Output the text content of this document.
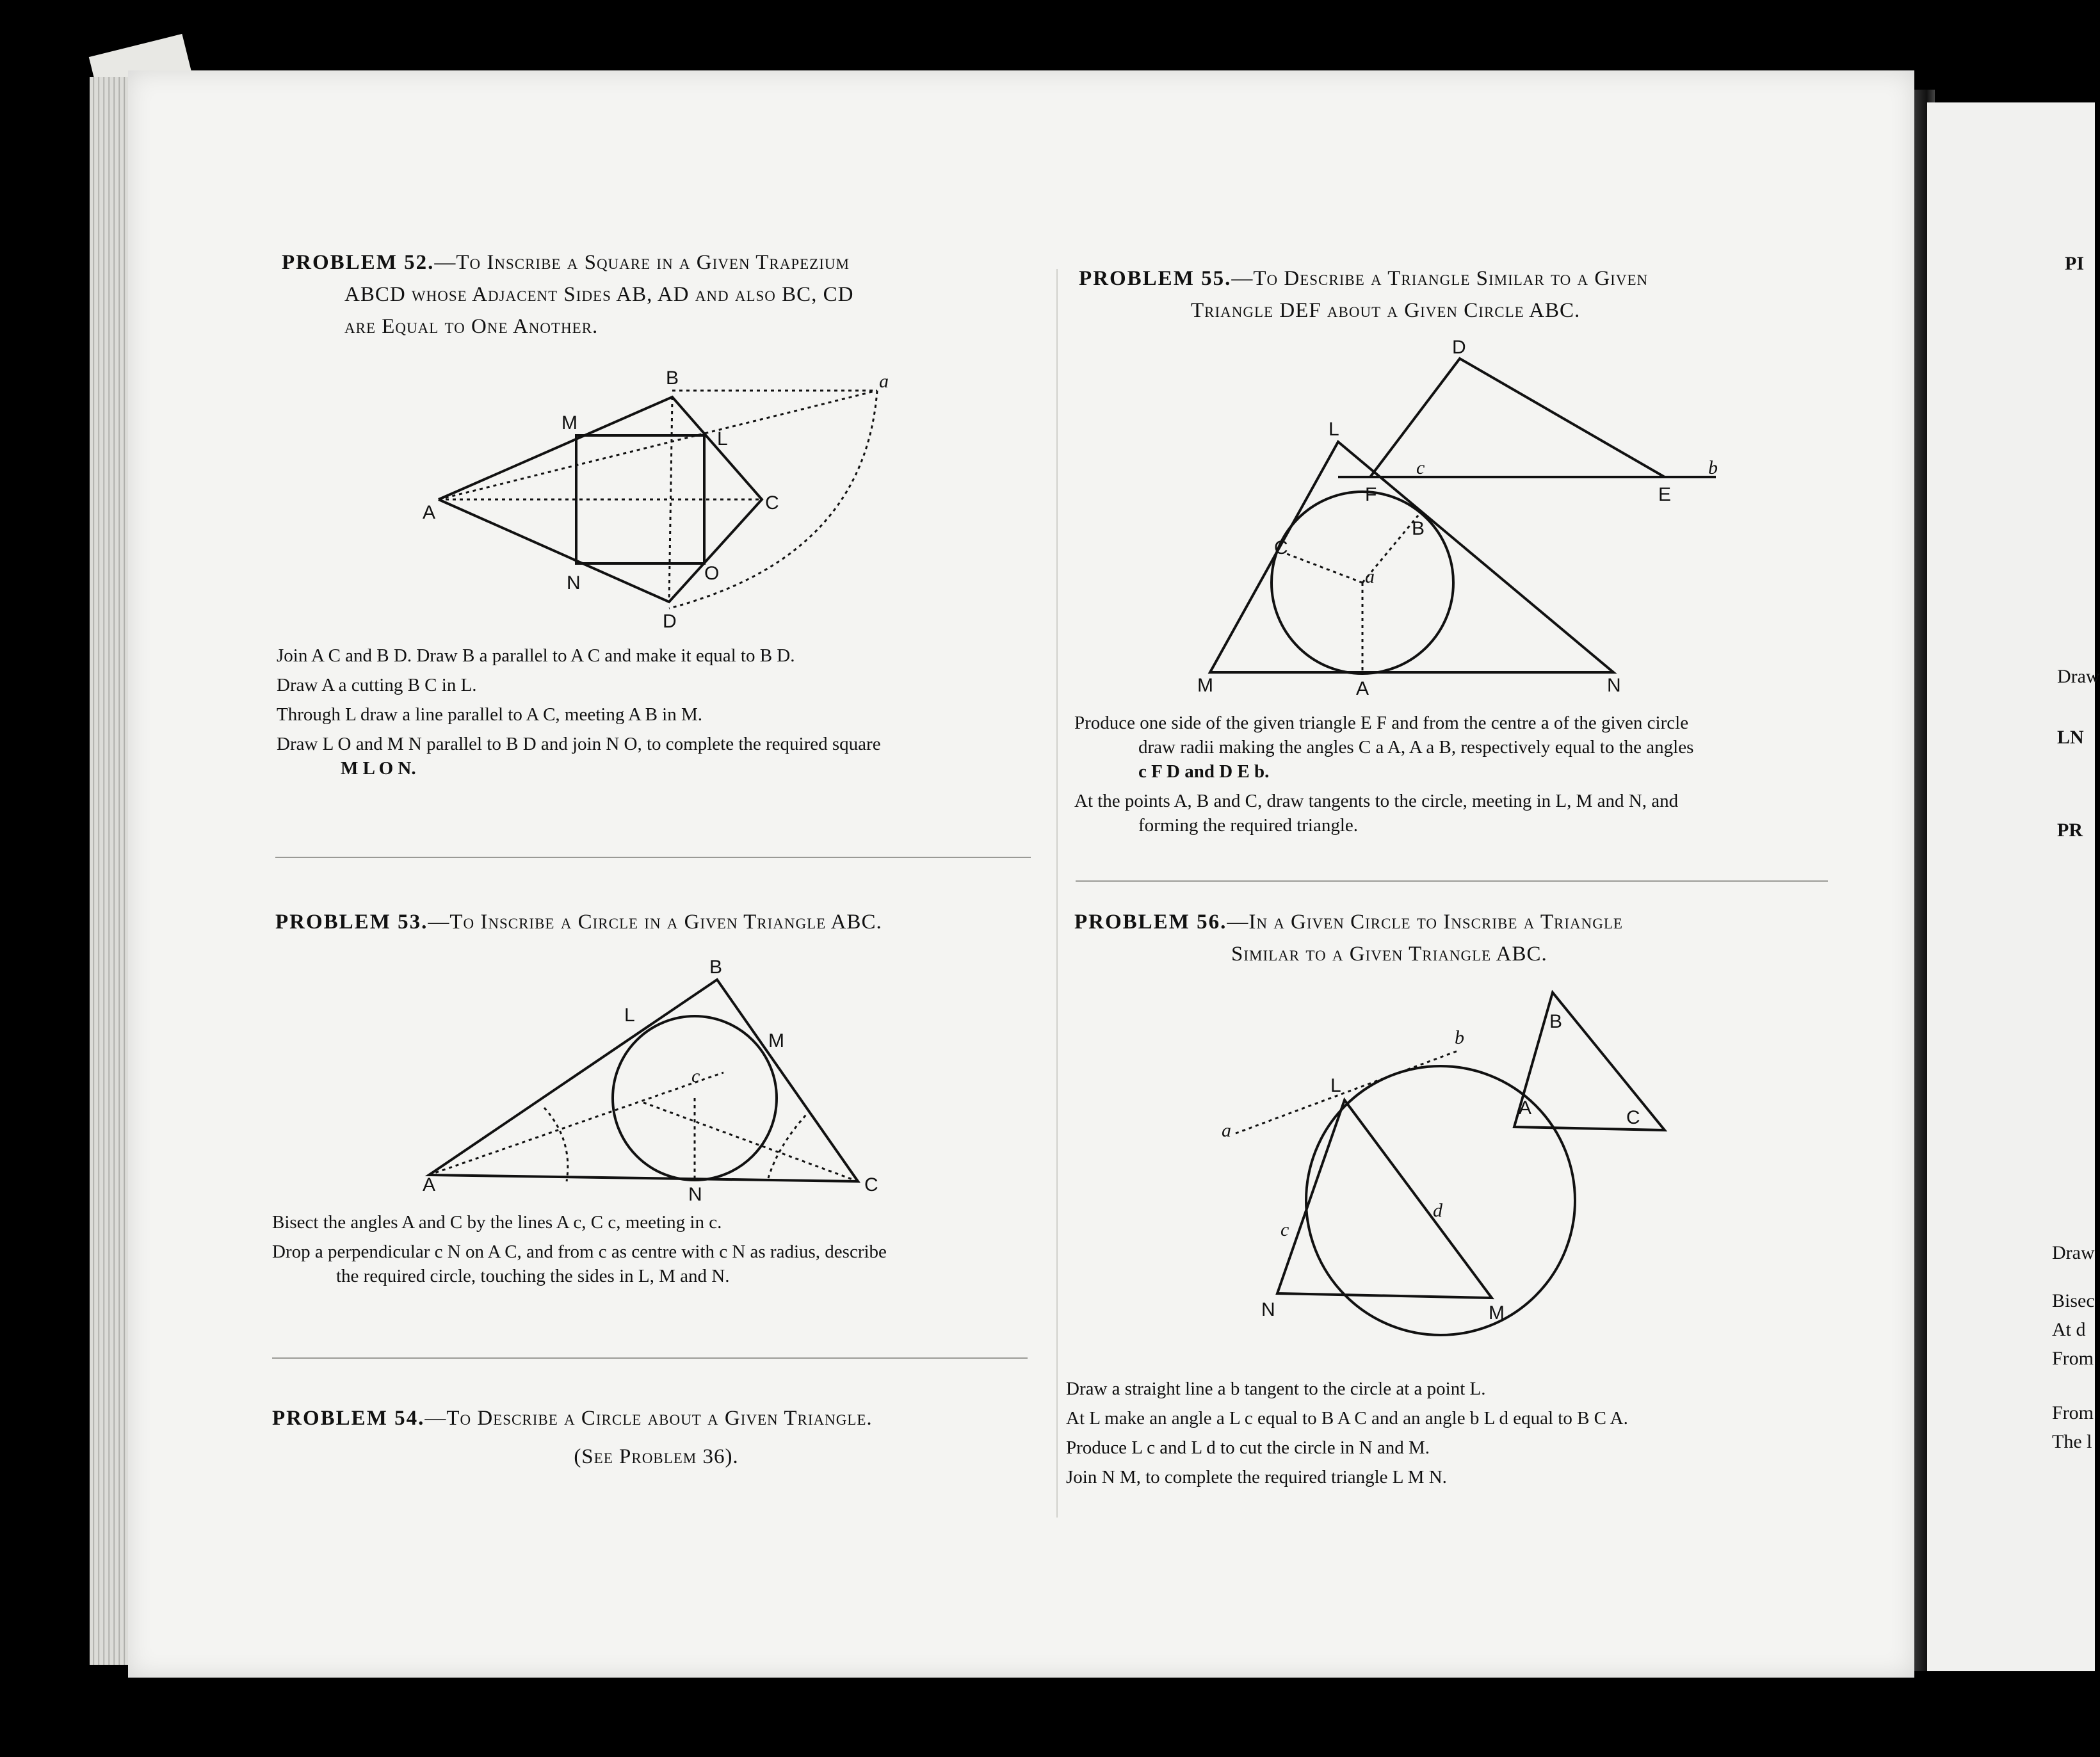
PROBLEM 52.—To Inscribe a Square in a Given Trapezium
ABCD whose Adjacent Sides AB, AD and also BC, CD
are Equal to One Another.
A
B
C
D
M
L
N	O
a

Join A C and B D. Draw B a parallel to A C and make it equal to B D.

Draw A a cutting B C in L.

Through L draw a line parallel to A C, meeting A B in M.

Draw L O and M N parallel to B D and join N O, to complete the required square

M L O N.

PROBLEM 53.—To Inscribe a Circle in a Given Triangle ABC.
A
B
C
L
M
N
c

Bisect the angles A and C by the lines A c, C c, meeting in c.

Drop a perpendicular c N on A C, and from c as centre with c N as radius, describe

the required circle, touching the sides in L, M and N.

PROBLEM 54.—To Describe a Circle about a Given Triangle.
(See Problem 36).
PROBLEM 55.—To Describe a Triangle Similar to a Given
Triangle DEF about a Given Circle ABC.
D
E
F
c	b
L
M	N
A
B
C
a

Produce one side of the given triangle E F and from the centre a of the given circle

draw radii making the angles C a A, A a B, respectively equal to the angles

c F D and D E b.

At the points A, B and C, draw tangents to the circle, meeting in L, M and N, and

forming the required triangle.

PROBLEM 56.—In a Given Circle to Inscribe a Triangle
Similar to a Given Triangle ABC.
a
b
L
c
d
N	M
A
B
C

Draw a straight line a b tangent to the circle at a point L.

At L make an angle a L c equal to B A C and an angle b L d equal to B C A.

Produce L c and L d to cut the circle in N and M.

Join N M, to complete the required triangle L M N.

PI
Draw
LN
PR
Draw
Bisec
At d
From
From
The l
